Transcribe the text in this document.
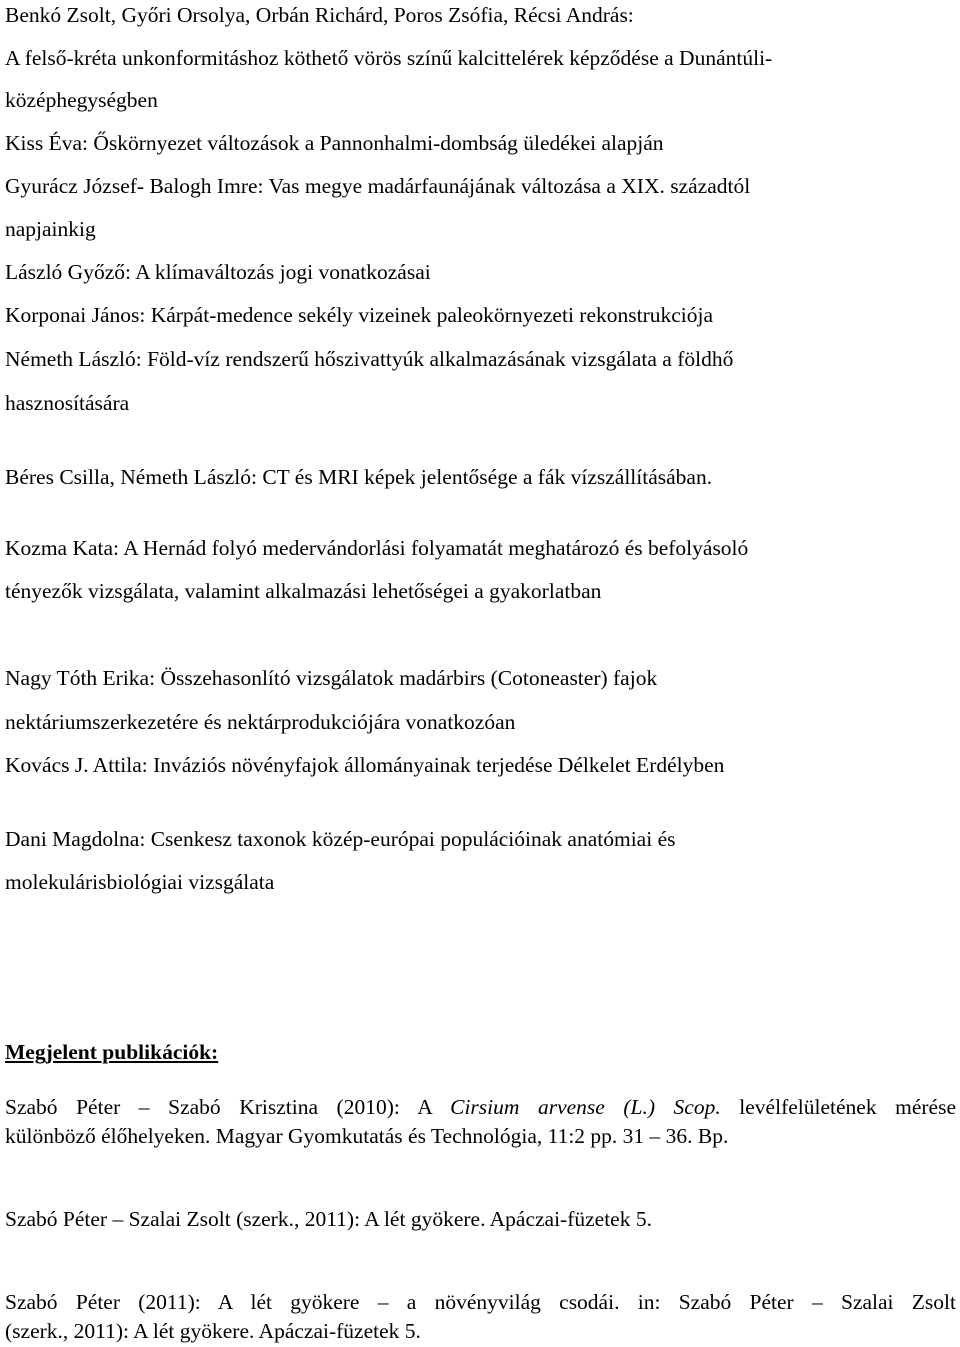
Benkó Zsolt, Győri Orsolya, Orbán Richárd, Poros Zsófia, Récsi András:
A felső-kréta unkonformitáshoz köthető vörös színű kalcittelérek képződése a Dunántúli-
középhegységben
Kiss Éva: Őskörnyezet változások a Pannonhalmi-dombság üledékei alapján
Gyurácz József- Balogh Imre: Vas megye madárfaunájának változása a XIX. századtól
napjainkig
László Győző: A klímaváltozás jogi vonatkozásai
Korponai János: Kárpát-medence sekély vizeinek paleokörnyezeti rekonstrukciója
Németh László: Föld-víz rendszerű hőszivattyúk alkalmazásának vizsgálata a földhő
hasznosítására
Béres Csilla, Németh László: CT és MRI képek jelentősége a fák vízszállításában.
Kozma Kata: A Hernád folyó medervándorlási folyamatát meghatározó és befolyásoló
tényezők vizsgálata, valamint alkalmazási lehetőségei a gyakorlatban
Nagy Tóth Erika: Összehasonlító vizsgálatok madárbirs (Cotoneaster) fajok
nektáriumszerkezetére és nektárprodukciójára vonatkozóan
Kovács J. Attila: Inváziós növényfajok állományainak terjedése Délkelet Erdélyben
Dani Magdolna: Csenkesz taxonok közép-európai populációinak anatómiai és
molekulárisbiológiai vizsgálata
Megjelent publikációk:
Szabó Péter – Szabó Krisztina (2010): A Cirsium arvense (L.) Scop. levélfelületének mérése
különböző élőhelyeken. Magyar Gyomkutatás és Technológia, 11:2 pp. 31 – 36. Bp.
Szabó Péter – Szalai Zsolt (szerk., 2011): A lét gyökere. Apáczai-füzetek 5.
Szabó Péter (2011): A lét gyökere – a növényvilág csodái. in: Szabó Péter – Szalai Zsolt
(szerk., 2011): A lét gyökere. Apáczai-füzetek 5.
